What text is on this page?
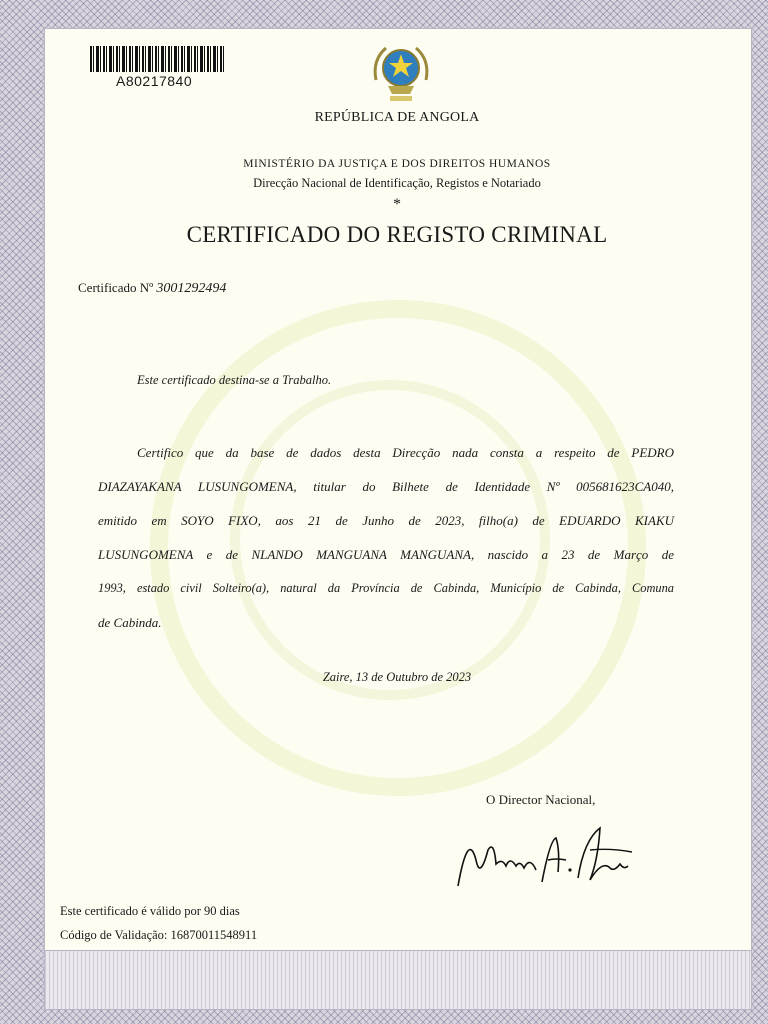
A80217840
REPÚBLICA DE ANGOLA
MINISTÉRIO DA JUSTIÇA E DOS DIREITOS HUMANOS
Direcção Nacional de Identificação, Registos e Notariado
*
CERTIFICADO DO REGISTO CRIMINAL
Certificado Nº 3001292494
Este certificado destina-se a Trabalho.
Certifico que da base de dados desta Direcção nada consta a respeito de PEDRO
DIAZAYAKANA LUSUNGOMENA, titular do Bilhete de Identidade Nº 005681623CA040,
emitido em SOYO FIXO, aos 21 de Junho de 2023, filho(a) de EDUARDO KIAKU
LUSUNGOMENA e de NLANDO MANGUANA MANGUANA, nascido a 23 de Março de
1993, estado civil Solteiro(a), natural da Província de Cabinda, Município de Cabinda, Comuna
de Cabinda.
Zaire, 13 de Outubro de 2023
O Director Nacional,
Este certificado é válido por 90 dias
Código de Validação: 16870011548911
